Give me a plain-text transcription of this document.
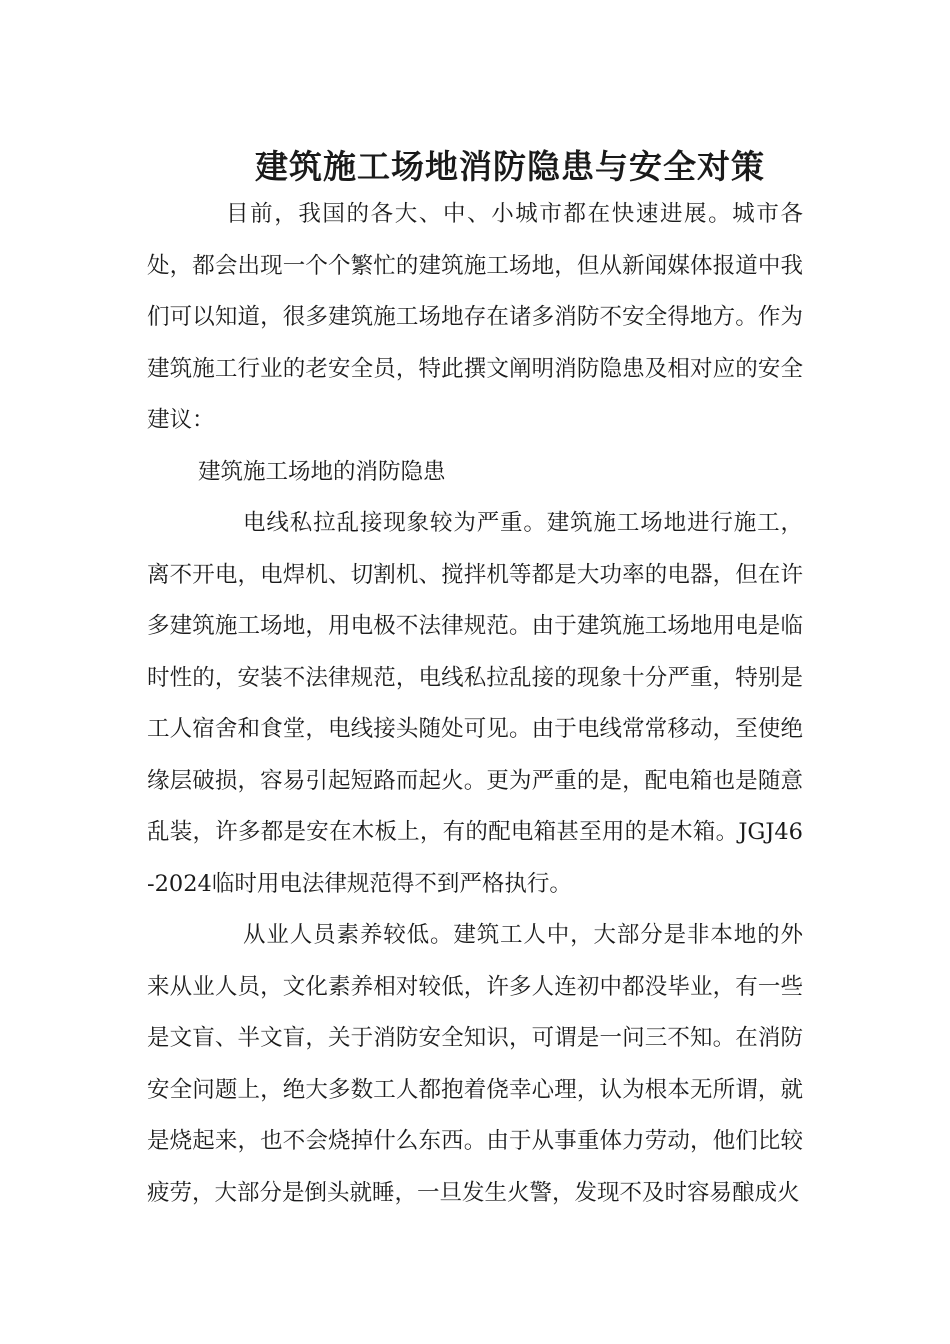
建筑施工场地消防隐患与安全对策

目前，我国的各大、中、小城市都在快速进展。城市各处，都会出现一个个繁忙的建筑施工场地，但从新闻媒体报道中我们可以知道，很多建筑施工场地存在诸多消防不安全得地方。作为建筑施工行业的老安全员，特此撰文阐明消防隐患及相对应的安全建议：

建筑施工场地的消防隐患

电线私拉乱接现象较为严重。建筑施工场地进行施工，离不开电，电焊机、切割机、搅拌机等都是大功率的电器，但在许多建筑施工场地，用电极不法律规范。由于建筑施工场地用电是临时性的，安装不法律规范，电线私拉乱接的现象十分严重，特别是工人宿舍和食堂，电线接头随处可见。由于电线常常移动，至使绝缘层破损，容易引起短路而起火。更为严重的是，配电箱也是随意乱装，许多都是安在木板上，有的配电箱甚至用的是木箱。JGJ46-2024临时用电法律规范得不到严格执行。

从业人员素养较低。建筑工人中，大部分是非本地的外来从业人员，文化素养相对较低，许多人连初中都没毕业，有一些是文盲、半文盲，关于消防安全知识，可谓是一问三不知。在消防安全问题上，绝大多数工人都抱着侥幸心理，认为根本无所谓，就是烧起来，也不会烧掉什么东西。由于从事重体力劳动，他们比较疲劳，大部分是倒头就睡，一旦发生火警，发现不及时容易酿成火
